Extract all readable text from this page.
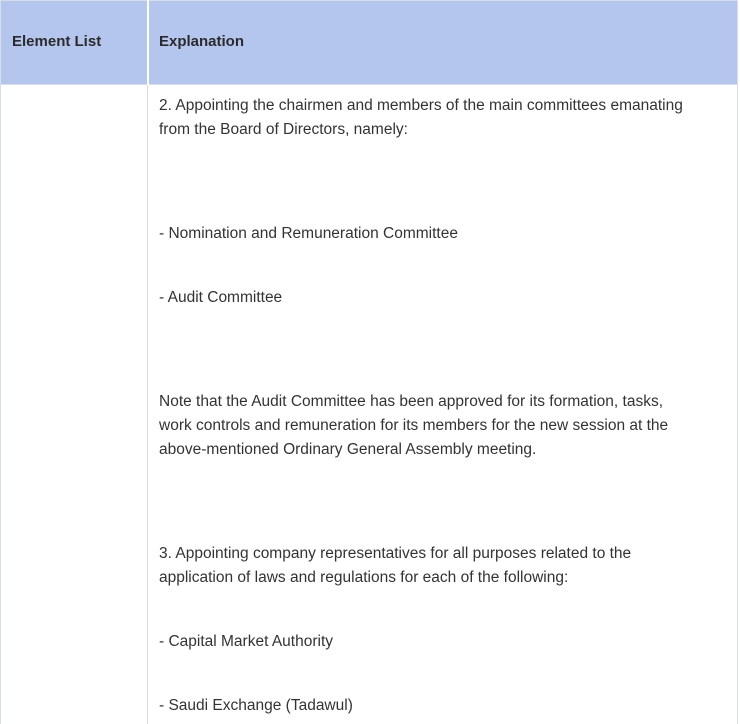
Element List	Explanation
2. Appointing the chairmen and members of the main committees emanating
from the Board of Directors, namely:
- Nomination and Remuneration Committee
- Audit Committee
Note that the Audit Committee has been approved for its formation, tasks,
work controls and remuneration for its members for the new session at the
above-mentioned Ordinary General Assembly meeting.
3. Appointing company representatives for all purposes related to the
application of laws and regulations for each of the following:
- Capital Market Authority
- Saudi Exchange (Tadawul)
